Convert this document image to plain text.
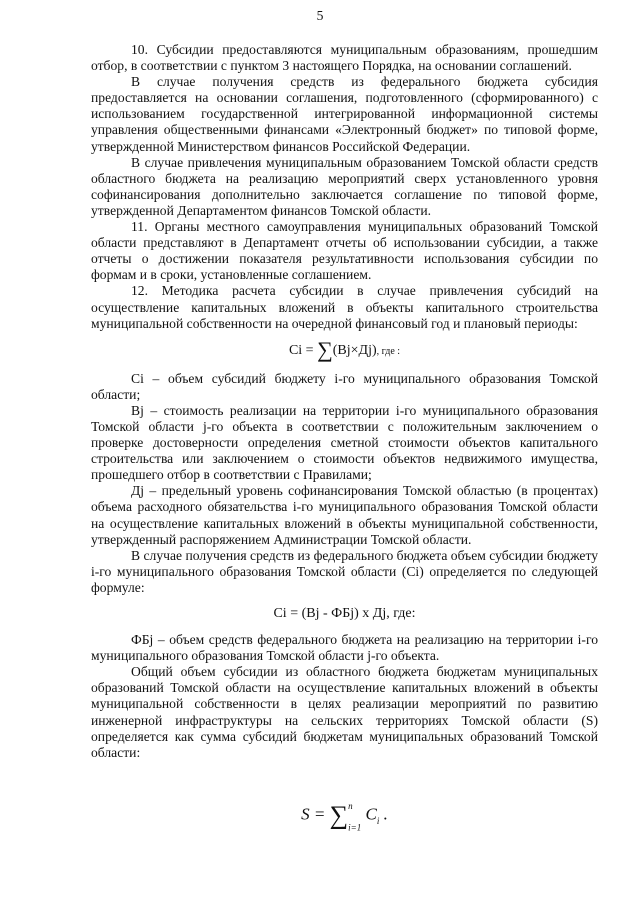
5

10. Субсидии предоставляются муниципальным образованиям, прошедшим отбор, в соответствии с пунктом 3 настоящего Порядка, на основании соглашений.

В случае получения средств из федерального бюджета субсидия предоставляется на основании соглашения, подготовленного (сформированного) с использованием государственной интегрированной информационной системы управления общественными финансами «Электронный бюджет» по типовой форме, утвержденной Министерством финансов Российской Федерации.

В случае привлечения муниципальным образованием Томской области средств областного бюджета на реализацию мероприятий сверх установленного уровня софинансирования дополнительно заключается соглашение по типовой форме, утвержденной Департаментом финансов Томской области.

11. Органы местного самоуправления муниципальных образований Томской области представляют в Департамент отчеты об использовании субсидии, а также отчеты о достижении показателя результативности использования субсидии по формам и в сроки, установленные соглашением.

12. Методика расчета субсидии в случае привлечения субсидий на осуществление капитальных вложений в объекты капитального строительства муниципальной собственности на очередной финансовый год и плановый периоды:

Ci = ∑(Bj×Дj), где :

Ci – объем субсидий бюджету i-го муниципального образования Томской области;

Bj – стоимость реализации на территории i-го муниципального образования Томской области j-го объекта в соответствии с положительным заключением о проверке достоверности определения сметной стоимости объектов капитального строительства или заключением о стоимости объектов недвижимого имущества, прошедшего отбор в соответствии с Правилами;

Дj – предельный уровень софинансирования Томской областью (в процентах) объема расходного обязательства i-го муниципального образования Томской области на осуществление капитальных вложений в объекты муниципальной собственности, утвержденный распоряжением Администрации Томской области.

В случае получения средств из федерального бюджета объем субсидии бюджету i-го муниципального образования Томской области (Ci) определяется по следующей формуле:

Ci = (Bj - ФБj) x Дj, где:

ФБj – объем средств федерального бюджета на реализацию на территории i-го муниципального образования Томской области j-го объекта.

Общий объем субсидии из областного бюджета бюджетам муниципальных образований Томской области на осуществление капитальных вложений в объекты муниципальной собственности в целях реализации мероприятий по развитию инженерной инфраструктуры на сельских территориях Томской области (S) определяется как сумма субсидий бюджетам муниципальных образований Томской области:

S = ∑$^n$
$_{i=1}$ $C_i$ .
